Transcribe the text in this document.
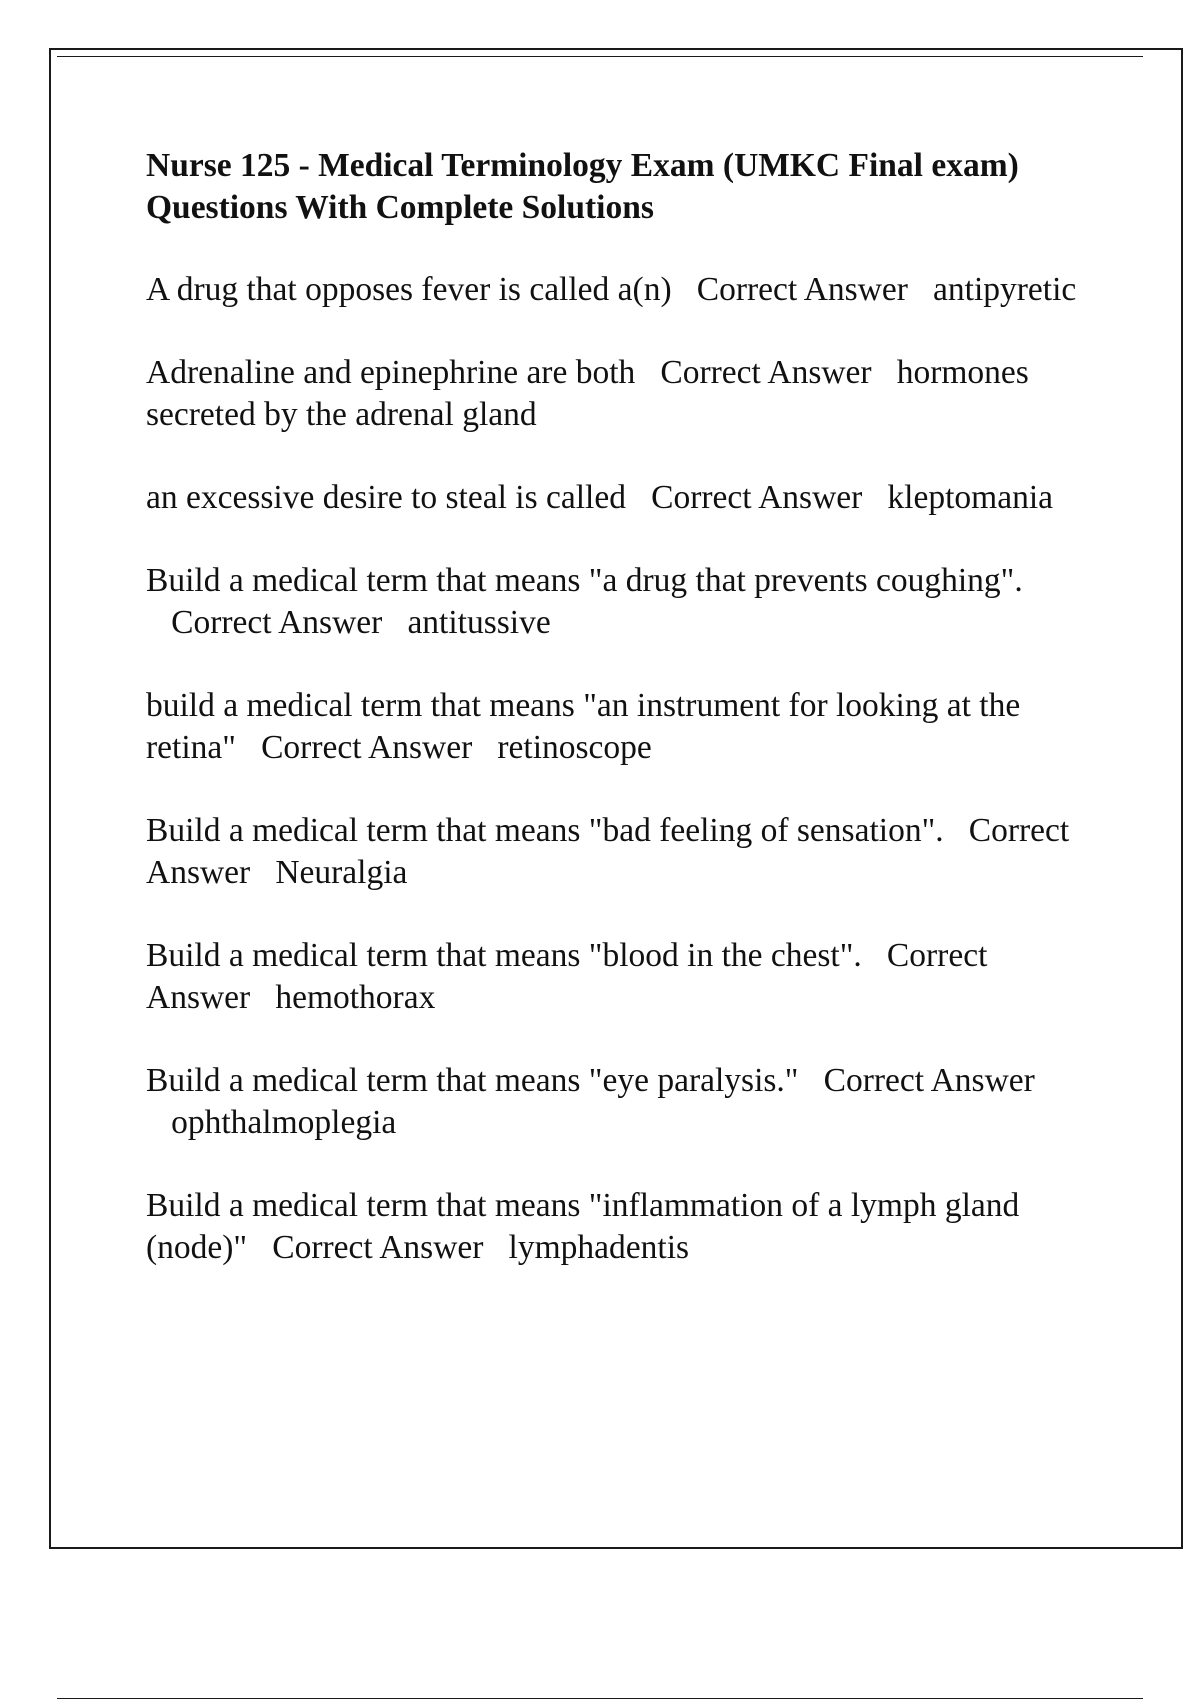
Nurse 125 - Medical Terminology Exam (UMKC Final exam) Questions With Complete Solutions

A drug that opposes fever is called a(n) Correct Answer antipyretic

Adrenaline and epinephrine are both Correct Answer hormones secreted by the adrenal gland

an excessive desire to steal is called Correct Answer kleptomania

Build a medical term that means "a drug that prevents coughing".   Correct Answer antitussive

build a medical term that means "an instrument for looking at the retina" Correct Answer retinoscope

Build a medical term that means "bad feeling of sensation". Correct Answer Neuralgia

Build a medical term that means "blood in the chest". Correct Answer hemothorax

Build a medical term that means "eye paralysis." Correct Answer   ophthalmoplegia

Build a medical term that means "inflammation of a lymph gland (node)" Correct Answer lymphadentis
